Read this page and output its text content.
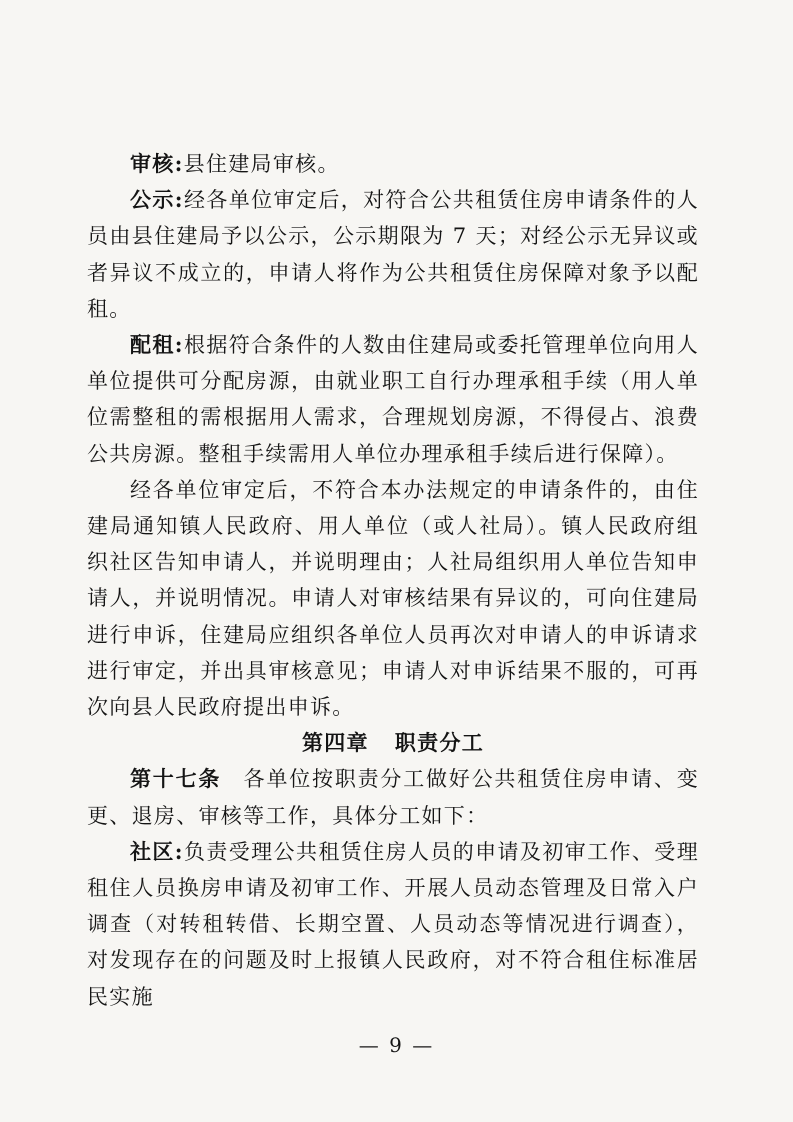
审核:县住建局审核。

公示:经各单位审定后，对符合公共租赁住房申请条件的人员由县住建局予以公示，公示期限为 7 天；对经公示无异议或者异议不成立的，申请人将作为公共租赁住房保障对象予以配租。

配租:根据符合条件的人数由住建局或委托管理单位向用人单位提供可分配房源，由就业职工自行办理承租手续（用人单位需整租的需根据用人需求，合理规划房源，不得侵占、浪费公共房源。整租手续需用人单位办理承租手续后进行保障）。

经各单位审定后，不符合本办法规定的申请条件的，由住建局通知镇人民政府、用人单位（或人社局）。镇人民政府组织社区告知申请人，并说明理由；人社局组织用人单位告知申请人，并说明情况。申请人对审核结果有异议的，可向住建局进行申诉，住建局应组织各单位人员再次对申请人的申诉请求进行审定，并出具审核意见；申请人对申诉结果不服的，可再次向县人民政府提出申诉。

第四章 职责分工

第十七条 各单位按职责分工做好公共租赁住房申请、变更、退房、审核等工作，具体分工如下：

社区:负责受理公共租赁住房人员的申请及初审工作、受理租住人员换房申请及初审工作、开展人员动态管理及日常入户调查（对转租转借、长期空置、人员动态等情况进行调查），对发现存在的问题及时上报镇人民政府，对不符合租住标准居民实施

— 9 —
